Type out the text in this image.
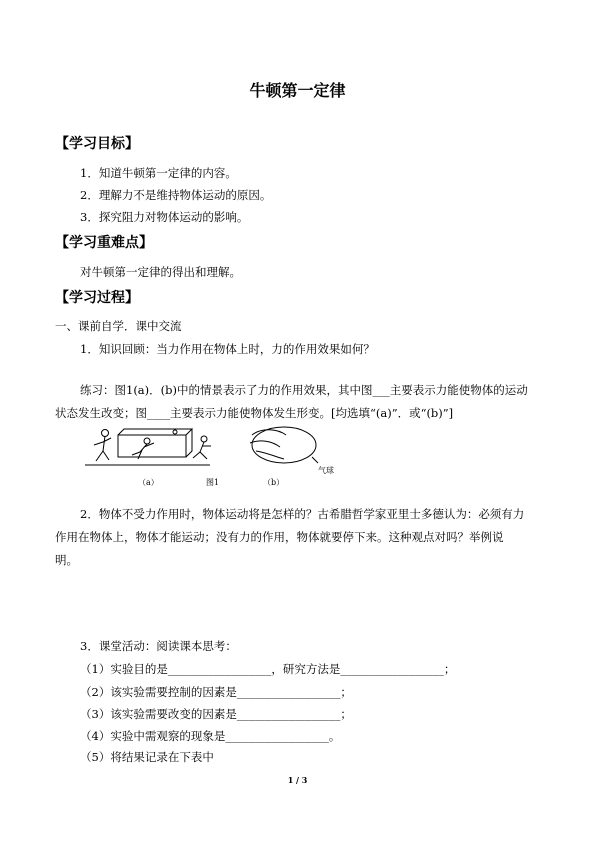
牛顿第一定律
【学习目标】
1．知道牛顿第一定律的内容。
2．理解力不是维持物体运动的原因。
3．探究阻力对物体运动的影响。
【学习重难点】
对牛顿第一定律的得出和理解。
【学习过程】
一、课前自学．课中交流
1．知识回顾：当力作用在物体上时，力的作用效果如何？
练习：图1(a)．(b)中的情景表示了力的作用效果，其中图___主要表示力能使物体的运动
状态发生改变；图____主要表示力能使物体发生形变。[均选填“(a)”．或“(b)”]
（a）	图1	（b）
气球
2．物体不受力作用时，物体运动将是怎样的？古希腊哲学家亚里士多德认为：必须有力
作用在物体上，物体才能运动；没有力的作用，物体就要停下来。这种观点对吗？举例说
明。
3．课堂活动：阅读课本思考：
（1）实验目的是__________________，研究方法是__________________；
（2）该实验需要控制的因素是__________________；
（3）该实验需要改变的因素是__________________；
（4）实验中需观察的现象是__________________。
（5）将结果记录在下表中
1 / 3
